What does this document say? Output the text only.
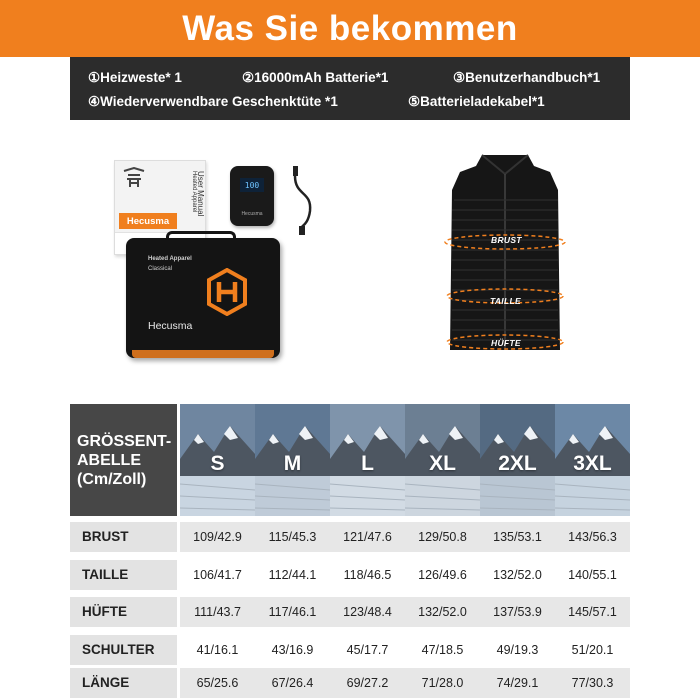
Was Sie bekommen
①Heizweste* 1	②16000mAh Batterie*1	③Benutzerhandbuch*1
④Wiederverwendbare Geschenktüte *1	⑤Batterieladekabel*1
Heated Apparel User Manual
Hecusma
100
Hecusma
Heated Apparel
Classical
Hecusma
BRUST
TAILLE
HÜFTE
GRÖSSENT-
ABELLE
(Cm/Zoll)
S	M	L	XL	2XL	3XL
BRUST	109/42.9	115/45.3	121/47.6	129/50.8	135/53.1	143/56.3
TAILLE	106/41.7	112/44.1	118/46.5	126/49.6	132/52.0	140/55.1
HÜFTE	111/43.7	117/46.1	123/48.4	132/52.0	137/53.9	145/57.1
SCHULTER	41/16.1	43/16.9	45/17.7	47/18.5	49/19.3	51/20.1
LÄNGE	65/25.6	67/26.4	69/27.2	71/28.0	74/29.1	77/30.3
